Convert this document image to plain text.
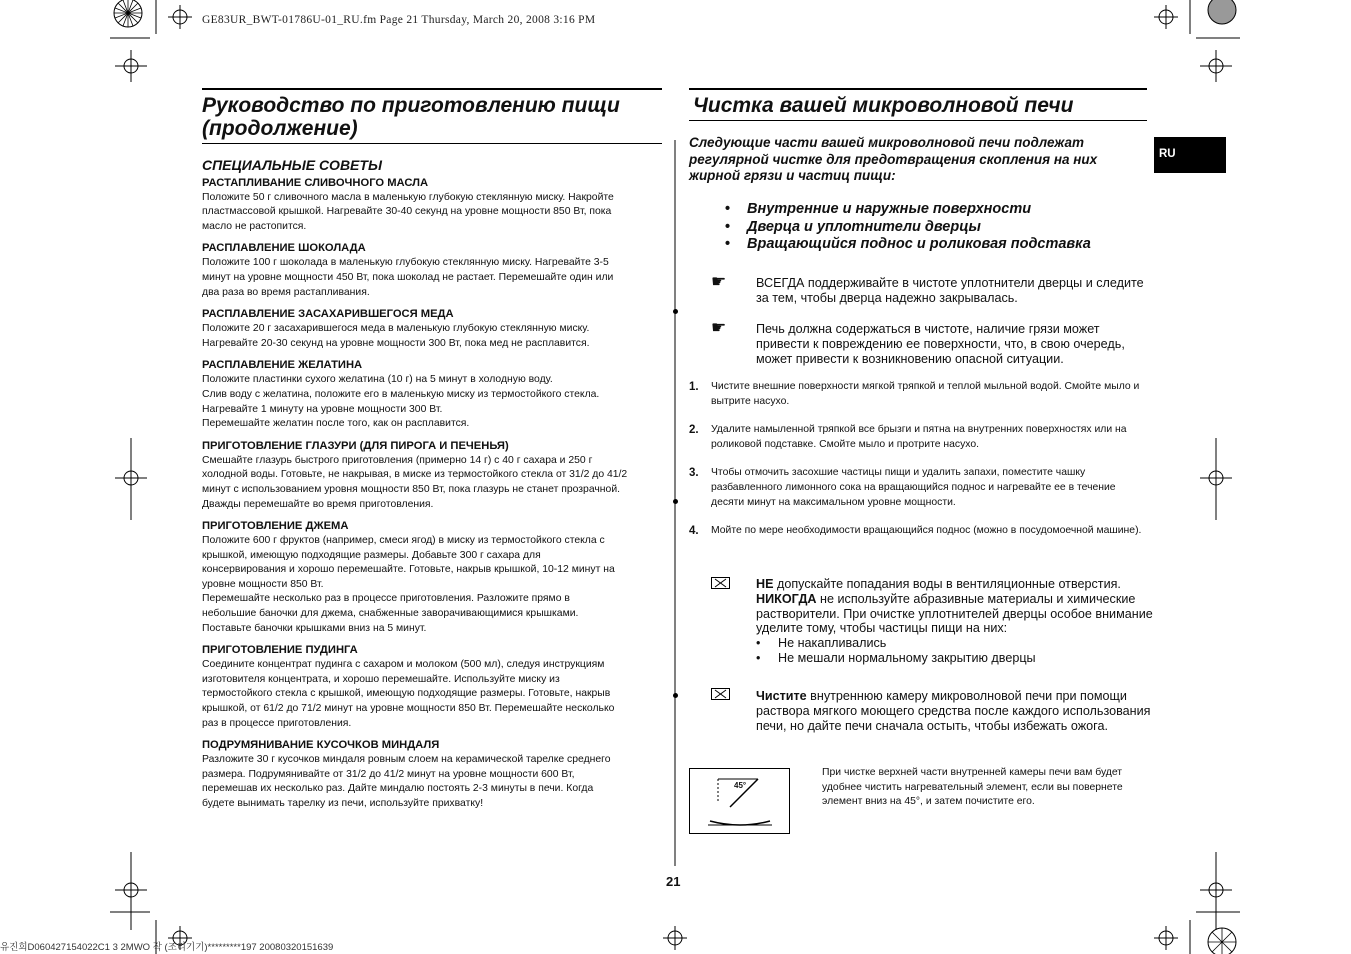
GE83UR_BWT-01786U-01_RU.fm Page 21 Thursday, March 20, 2008 3:16 PM

Руководство по приготовлению пищи
(продолжение)

СПЕЦИАЛЬНЫЕ СОВЕТЫ
РАСТАПЛИВАНИЕ СЛИВОЧНОГО МАСЛА
Положите 50 г сливочного масла в маленькую глубокую стеклянную миску. Накройте
пластмассовой крышкой. Нагревайте 30-40 секунд на уровне мощности 850 Вт, пока
масло не растопится.
РАСПЛАВЛЕНИЕ ШОКОЛАДА
Положите 100 г шоколада в маленькую глубокую стеклянную миску. Нагревайте 3-5
минут на уровне мощности 450 Вт, пока шоколад не растает. Перемешайте один или
два раза во время растапливания.
РАСПЛАВЛЕНИЕ ЗАСАХАРИВШЕГОСЯ МЕДА
Положите 20 г засахарившегося меда в маленькую глубокую стеклянную миску.
Нагревайте 20-30 секунд на уровне мощности 300 Вт, пока мед не расплавится.
РАСПЛАВЛЕНИЕ ЖЕЛАТИНА
Положите пластинки сухого желатина (10 г) на 5 минут в холодную воду.
Слив воду с желатина, положите его в маленькую миску из термостойкого стекла.
Нагревайте 1 минуту на уровне мощности 300 Вт.
Перемешайте желатин после того, как он расплавится.
ПРИГОТОВЛЕНИЕ ГЛАЗУРИ (ДЛЯ ПИРОГА И ПЕЧЕНЬЯ)
Смешайте глазурь быстрого приготовления (примерно 14 г) с 40 г сахара и 250 г
холодной воды. Готовьте, не накрывая, в миске из термостойкого стекла от 31/2 до 41/2
минут с использованием уровня мощности 850 Вт, пока глазурь не станет прозрачной.
Дважды перемешайте во время приготовления.
ПРИГОТОВЛЕНИЕ ДЖЕМА
Положите 600 г фруктов (например, смеси ягод) в миску из термостойкого стекла с
крышкой, имеющую подходящие размеры. Добавьте 300 г сахара для
консервирования и хорошо перемешайте. Готовьте, накрыв крышкой, 10-12 минут на
уровне мощности 850 Вт.
Перемешайте несколько раз в процессе приготовления. Разложите прямо в
небольшие баночки для джема, снабженные заворачивающимися крышками.
Поставьте баночки крышками вниз на 5 минут.
ПРИГОТОВЛЕНИЕ ПУДИНГА
Соедините концентрат пудинга с сахаром и молоком (500 мл), следуя инструкциям
изготовителя концентрата, и хорошо перемешайте. Используйте миску из
термостойкого стекла с крышкой, имеющую подходящие размеры. Готовьте, накрыв
крышкой, от 61/2 до 71/2 минут на уровне мощности 850 Вт. Перемешайте несколько
раз в процессе приготовления.
ПОДРУМЯНИВАНИЕ КУСОЧКОВ МИНДАЛЯ
Разложите 30 г кусочков миндаля ровным слоем на керамической тарелке среднего
размера. Подрумянивайте от 31/2 до 41/2 минут на уровне мощности 600 Вт,
перемешав их несколько раз. Дайте миндалю постоять 2-3 минуты в печи. Когда
будете вынимать тарелку из печи, используйте прихватку!

Чистка вашей микроволновой печи

RU
Следующие части вашей микроволновой печи подлежат регулярной чистке для предотвращения скопления на них жирной грязи и частиц пищи:
• Внутренние и наружные поверхности
• Дверца и уплотнители дверцы
• Вращающийся поднос и роликовая подставка
☛ ВСЕГДА поддерживайте в чистоте уплотнители дверцы и следите за тем, чтобы дверца надежно закрывалась.
☛ Печь должна содержаться в чистоте, наличие грязи может привести к повреждению ее поверхности, что, в свою очередь, может привести к возникновению опасной ситуации.
1.	Чистите внешние поверхности мягкой тряпкой и теплой мыльной водой. Смойте мыло и вытрите насухо.
2.	Удалите намыленной тряпкой все брызги и пятна на внутренних поверхностях или на роликовой подставке. Смойте мыло и протрите насухо.
3.	Чтобы отмочить засохшие частицы пищи и удалить запахи, поместите чашку разбавленного лимонного сока на вращающийся поднос и нагревайте ее в течение десяти минут на максимальном уровне мощности.
4.	Мойте по мере необходимости вращающийся поднос (можно в посудомоечной машине).
НЕ допускайте попадания воды в вентиляционные отверстия.
НИКОГДА не используйте абразивные материалы и химические растворители. При очистке уплотнителей дверцы особое внимание уделите тому, чтобы частицы пищи на них:
•	Не накапливались
•	Не мешали нормальному закрытию дверцы
Чистите внутреннюю камеру микроволновой печи при помощи раствора мягкого моющего средства после каждого использования печи, но дайте печи сначала остыть, чтобы избежать ожога.
45°
При чистке верхней части внутренней камеры печи вам будет удобнее чистить нагревательный элемент, если вы повернете элемент вниз на 45°, и затем почистите его.
21
유진희D060427154022C1 3 2MWO 작 (조리기기)*********197 20080320151639
